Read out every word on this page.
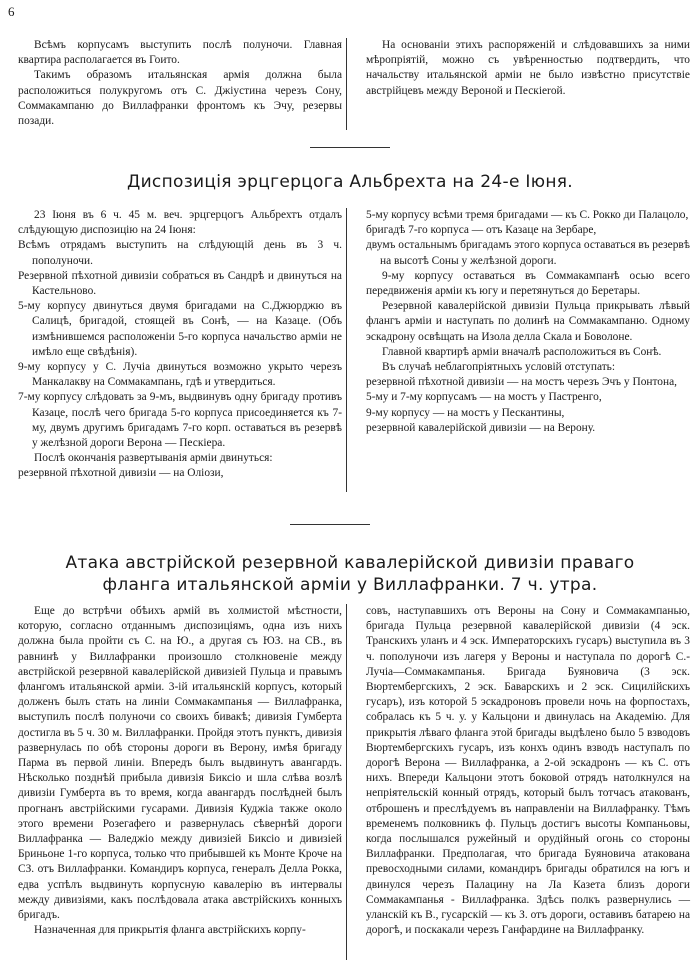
6

Всѣмъ корпусамъ выступить послѣ полуночи. Главная квартира располагается въ Гоито.

Такимъ образомъ итальянская армія должна была расположиться полукругомъ отъ С. Джіустина черезъ Сону, Соммакампаню до Виллафранки фронтомъ къ Эчу, резервы позади.

На основаніи этихъ распоряженій и слѣдовавшихъ за ними мѣропріятій, можно съ увѣренностью подтвердить, что начальству итальянской арміи не было извѣстно присутствіе австрійцевъ между Вероной и Пескierой.

Диспозиція эрцгерцога Альбрехта на 24-е Іюня.

23 Іюня въ 6 ч. 45 м. веч. эрцгерцогъ Альбрехтъ отдалъ слѣдующую диспозицію на 24 Іюня:

Всѣмъ отрядамъ выступить на слѣдующій день въ 3 ч. пополуночи.

Резервной пѣхотной дивизіи собраться въ Сандрѣ и двинуться на Кастельново.

5-му корпусу двинуться двумя бригадами на С.Джюрджю въ Салицѣ, бригадой, стоящей въ Сонѣ, — на Казаце. (Объ измѣнившемся расположеніи 5-го корпуса начальство арміи не имѣло еще свѣдѣнія).

9-му корпусу у С. Лучіа двинуться возможно укрыто черезъ Манкалакву на Соммакампань, гдѣ и утвердиться.

7-му корпусу слѣдовать за 9-мъ, выдвинувъ одну бригаду противъ Казаце, послѣ чего бригада 5-го корпуса присоединяется къ 7-му, двумъ другимъ бригадамъ 7-го корп. оставаться въ резервѣ у желѣзной дороги Верона — Пескіера.

Послѣ окончанія развертыванія арміи двинуться:

резервной пѣхотной дивизіи — на Оліози,

5-му корпусу всѣми тремя бригадами — къ С. Рокко ди Палацоло,

бригадѣ 7-го корпуса — отъ Казаце на Зербаре,

двумъ остальнымъ бригадамъ этого корпуса оставаться въ резервѣ на высотѣ Соны у желѣзной дороги.

9-му корпусу оставаться въ Соммакампанѣ осью всего передвиженія арміи къ югу и перетянуться до Беретары.

Резервной кавалерійской дивизіи Пульца прикрывать лѣвый флангъ арміи и наступать по долинѣ на Соммакампаню. Одному эскадрону освѣщать на Изола делла Скала и Боволоне.

Главной квартирѣ арміи вначалѣ расположиться въ Сонѣ.

Въ случаѣ неблагопріятныхъ условій отступать:

резервной пѣхотной дивизіи — на мостъ черезъ Эчъ у Понтона,

5-му и 7-му корпусамъ — на мостъ у Пастренго,

9-му корпусу — на мостъ у Пескантины,

резервной кавалерійской дивизіи — на Верону.

Атака австрійской резервной кавалерійской дивизіи праваго
фланга итальянской арміи у Виллафранки. 7 ч. утра.

Еще до встрѣчи обѣихъ армій въ холмистой мѣстности, которую, согласно отданнымъ диспозиціямъ, одна изъ нихъ должна была пройти съ С. на Ю., а другая съ ЮЗ. на СВ., въ равнинѣ у Виллафранки произошло столкновеніе между австрійской резервной кавалерійской дивизіей Пульца и правымъ флангомъ итальянской арміи. 3-ій итальянскій корпусъ, который долженъ былъ стать на линіи Соммакампанья — Виллафранка, выступилъ послѣ полуночи со своихъ бивакѣ; дивизія Гумберта достигла въ 5 ч. 30 м. Виллафранки. Пройдя этотъ пунктъ, дивизія развернулась по обѣ стороны дороги въ Верону, имѣя бригаду Парма въ первой линіи. Впередъ былъ выдвинутъ авангардъ. Нѣсколько позднѣй прибыла дивизія Биксіо и шла слѣва возлѣ дивизіи Гумберта въ то время, когда авангардъ послѣдней былъ прогнанъ австрійскими гусарами. Дивизія Куджіа также около этого времени Розегафero и развернулась сѣвернѣй дороги Виллафранка — Валеджіо между дивизіей Биксіо и дивизіей Бриньоне 1-го корпуса, только что прибывшей къ Монте Кроче на СЗ. отъ Виллафранки. Командиръ корпуса, генералъ Делла Рокка, едва успѣлъ выдвинуть корпусную кавалерію въ интервалы между дивизіями, какъ послѣдовала атака австрійскихъ конныхъ бригадъ.

Назначенная для прикрытія фланга австрійскихъ корпу-

совъ, наступавшихъ отъ Вероны на Сону и Соммакампанью, бригада Пульца резервной кавалерійской дивизіи (4 эск. Транскихъ уланъ и 4 эск. Императорскихъ гусаръ) выступила въ 3 ч. пополуночи изъ лагеря у Вероны и наступала по дорогѣ С.-Лучіа—Соммакампанья. Бригада Буяновича (3 эск. Вюртембергскихъ, 2 эск. Баварскихъ и 2 эск. Сицилійскихъ гусаръ), изъ которой 5 эскадроновъ провели ночь на форпостахъ, собралась къ 5 ч. у. у Кальцони и двинулась на Академію. Для прикрытія лѣваго фланга этой бригады выдѣлено было 5 взводовъ Вюртембергскихъ гусаръ, изъ конхъ одинъ взводъ наступалъ по дорогѣ Верона — Виллафранка, а 2-ой эскадронъ — къ С. отъ нихъ. Впереди Кальцони этотъ боковой отрядъ натолкнулся на непріятельскій конный отрядъ, который былъ тотчасъ атакованъ, отброшенъ и преслѣдуемъ въ направленіи на Виллафранку. Тѣмъ временемъ полковникъ ф. Пульцъ достигъ высоты Компаньовы, когда послышался ружейный и орудійный огонь со стороны Виллафранки. Предполагая, что бригада Буяновича атакована превосходными силами, командиръ бригады обратился на югъ и двинулся черезъ Палацину на Ла Казета близъ дороги Соммакампанья - Виллафранка. Здѣсь полкъ развернулись — уланскій къ В., гусарскій — къ З. отъ дороги, оставивъ батарею на дорогѣ, и поскакали черезъ Ганфардине на Виллафранку.
